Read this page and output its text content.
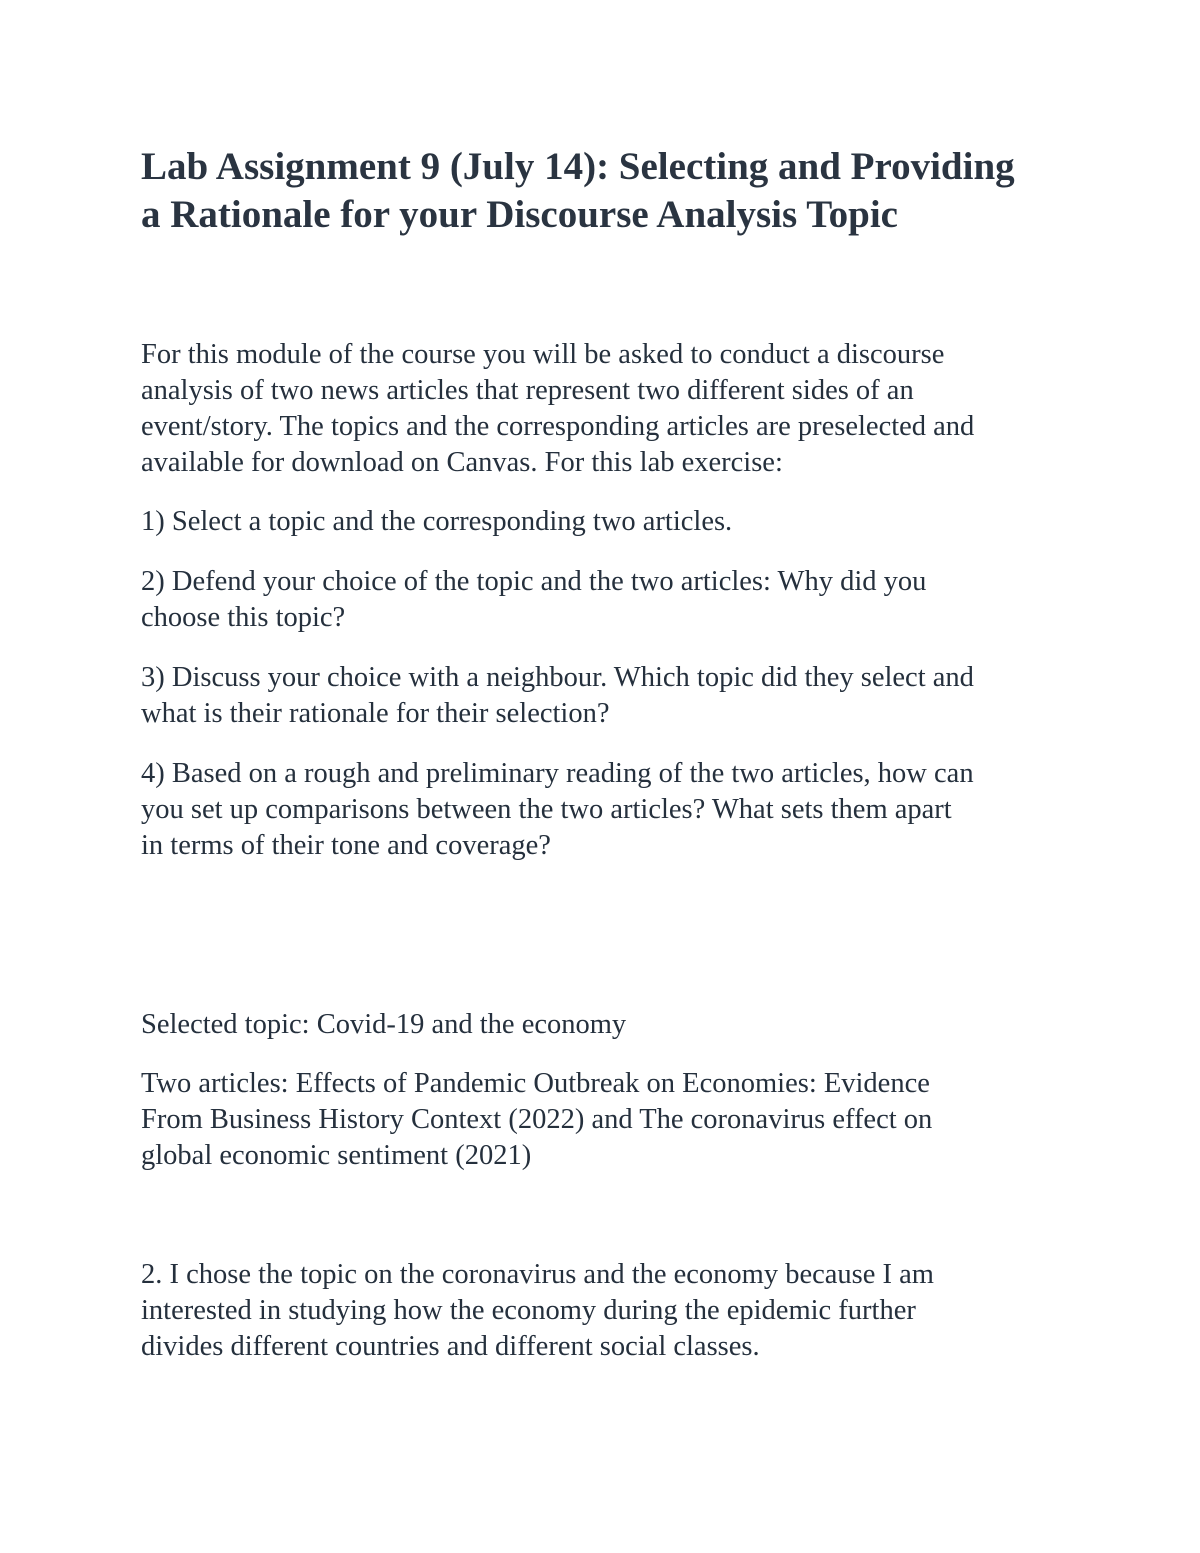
Lab Assignment 9 (July 14): Selecting and Providing
a Rationale for your Discourse Analysis Topic

For this module of the course you will be asked to conduct a discourse
analysis of two news articles that represent two different sides of an
event/story. The topics and the corresponding articles are preselected and
available for download on Canvas. For this lab exercise:

1) Select a topic and the corresponding two articles.

2) Defend your choice of the topic and the two articles: Why did you
choose this topic?

3) Discuss your choice with a neighbour. Which topic did they select and
what is their rationale for their selection?

4) Based on a rough and preliminary reading of the two articles, how can
you set up comparisons between the two articles? What sets them apart
in terms of their tone and coverage?

Selected topic: Covid-19 and the economy

Two articles: Effects of Pandemic Outbreak on Economies: Evidence
From Business History Context (2022) and The coronavirus effect on
global economic sentiment (2021)

2. I chose the topic on the coronavirus and the economy because I am
interested in studying how the economy during the epidemic further
divides different countries and different social classes.
